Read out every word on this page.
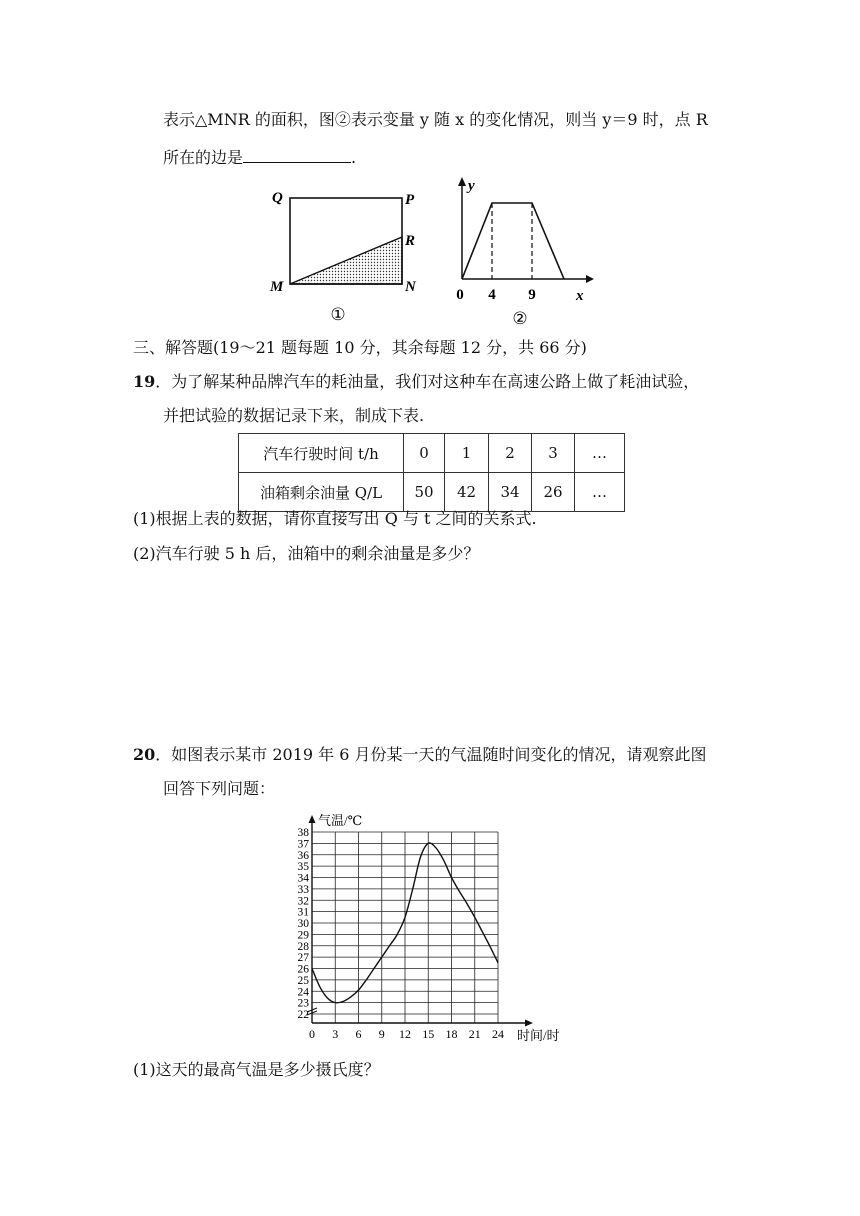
表示△MNR 的面积，图②表示变量 y 随 x 的变化情况，则当 y＝9 时，点 R
所在的边是	.
Q	P
R
M	N
①
y
x
0 4 9
②
三、解答题(19～21 题每题 10 分，其余每题 12 分，共 66 分)
19．为了解某种品牌汽车的耗油量，我们对这种车在高速公路上做了耗油试验，
并把试验的数据记录下来，制成下表.
汽车行驶时间 t/h	0	1	2	3	…
油箱剩余油量 Q/L	50	42	34	26	…
(1)根据上表的数据，请你直接写出 Q 与 t 之间的关系式.
(2)汽车行驶 5 h 后，油箱中的剩余油量是多少？
20．如图表示某市 2019 年 6 月份某一天的气温随时间变化的情况，请观察此图
回答下列问题：
气温/℃
时间/时
22
23
24
25
26
27
28
29
30
31
32
33
34
35
36
37
38
0 3 6 9 12 15 18 21 24
(1)这天的最高气温是多少摄氏度？
